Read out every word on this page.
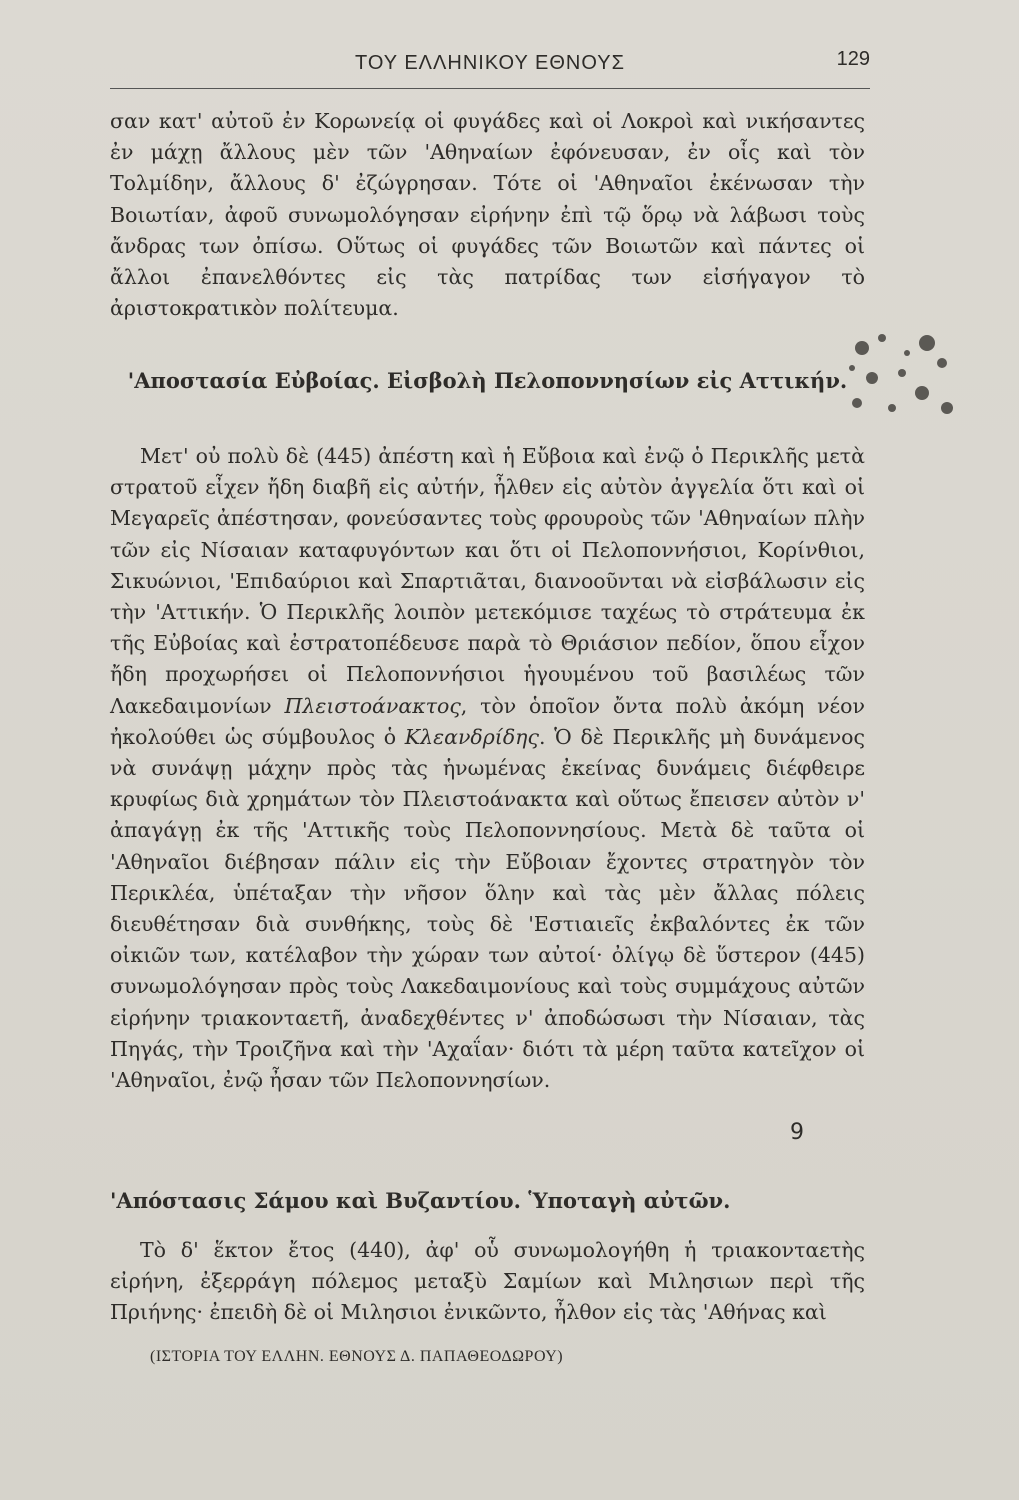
ΤΟΥ ΕΛΛΗΝΙΚΟΥ ΕΘΝΟΥΣ	129

σαν κατ' αὐτοῦ ἐν Κορωνείᾳ οἱ φυγάδες καὶ οἱ Λοκροὶ καὶ νικήσαντες ἐν μάχῃ ἄλλους μὲν τῶν 'Αθηναίων ἐφόνευσαν, ἐν οἷς καὶ τὸν Τολμίδην, ἄλλους δ' ἐζώγρησαν. Τότε οἱ 'Αθηναῖοι ἐκένωσαν τὴν Βοιωτίαν, ἀφοῦ συνωμολόγησαν εἰρήνην ἐπὶ τῷ ὅρῳ νὰ λάβωσι τοὺς ἄνδρας των ὀπίσω. Οὕτως οἱ φυγάδες τῶν Βοιωτῶν καὶ πάντες οἱ ἄλλοι ἐπανελθόντες εἰς τὰς πατρίδας των εἰσήγαγον τὸ ἀριστοκρατικὸν πολίτευμα.

'Αποστασία Εὐβοίας. Εἰσβολὴ Πελοποννησίων εἰς Αττικήν.

Μετ' οὐ πολὺ δὲ (445) ἀπέστη καὶ ἡ Εὔβοια καὶ ἐνῷ ὁ Περικλῆς μετὰ στρατοῦ εἶχεν ἤδη διαβῆ εἰς αὐτήν, ἦλθεν εἰς αὐτὸν ἀγγελία ὅτι καὶ οἱ Μεγαρεῖς ἀπέστησαν, φονεύσαντες τοὺς φρουροὺς τῶν 'Αθηναίων πλὴν τῶν εἰς Νίσαιαν καταφυγόντων και ὅτι οἱ Πελοποννήσιοι, Κορίνθιοι, Σικυώνιοι, 'Επιδαύριοι καὶ Σπαρτιᾶται, διανοοῦνται νὰ εἰσβάλωσιν εἰς τὴν 'Αττικήν. Ὁ Περικλῆς λοιπὸν μετεκόμισε ταχέως τὸ στράτευμα ἐκ τῆς Εὐβοίας καὶ ἐστρατοπέδευσε παρὰ τὸ Θριάσιον πεδίον, ὅπου εἶχον ἤδη προχωρήσει οἱ Πελοποννήσιοι ἡγουμένου τοῦ βασιλέως τῶν Λακεδαιμονίων Πλειστοάνακτος, τὸν ὁποῖον ὄντα πολὺ ἀκόμη νέον ἠκολούθει ὡς σύμβουλος ὁ Κλεανδρίδης. Ὁ δὲ Περικλῆς μὴ δυνάμενος νὰ συνάψῃ μάχην πρὸς τὰς ἡνωμένας ἐκείνας δυνάμεις διέφθειρε κρυφίως διὰ χρημάτων τὸν Πλειστοάνακτα καὶ οὕτως ἔπεισεν αὐτὸν ν' ἀπαγάγῃ ἐκ τῆς 'Αττικῆς τοὺς Πελοποννησίους. Μετὰ δὲ ταῦτα οἱ 'Αθηναῖοι διέβησαν πάλιν εἰς τὴν Εὔβοιαν ἔχοντες στρατηγὸν τὸν Περικλέα, ὑπέταξαν τὴν νῆσον ὅλην καὶ τὰς μὲν ἄλλας πόλεις διευθέτησαν διὰ συνθήκης, τοὺς δὲ 'Εστιαιεῖς ἐκβαλόντες ἐκ τῶν οἰκιῶν των, κατέλαβον τὴν χώραν των αὐτοί· ὀλίγῳ δὲ ὕστερον (445) συνωμολόγησαν πρὸς τοὺς Λακεδαιμονίους καὶ τοὺς συμμάχους αὐτῶν εἰρήνην τριακονταετῆ, ἀναδεχθέντες ν' ἀποδώσωσι τὴν Νίσαιαν, τὰς Πηγάς, τὴν Τροιζῆνα καὶ τὴν 'Αχαΐαν· διότι τὰ μέρη ταῦτα κατεῖχον οἱ 'Αθηναῖοι, ἐνῷ ἦσαν τῶν Πελοποννησίων.

'Απόστασις Σάμου καὶ Βυζαντίου. Ὑποταγὴ αὐτῶν.

Τὸ δ' ἕκτον ἔτος (440), ἀφ' οὗ συνωμολογήθη ἡ τριακονταετὴς εἰρήνη, ἐξερράγη πόλεμος μεταξὺ Σαμίων καὶ Μιλησιων περὶ τῆς Πριήνης· ἐπειδὴ δὲ οἱ Μιλησιοι ἐνικῶντο, ἦλθον εἰς τὰς 'Αθήνας καὶ

9
(ΙΣΤΟΡΙΑ ΤΟΥ ΕΛΛΗΝ. ΕΘΝΟΥΣ Δ. ΠΑΠΑΘΕΟΔΩΡΟΥ)
